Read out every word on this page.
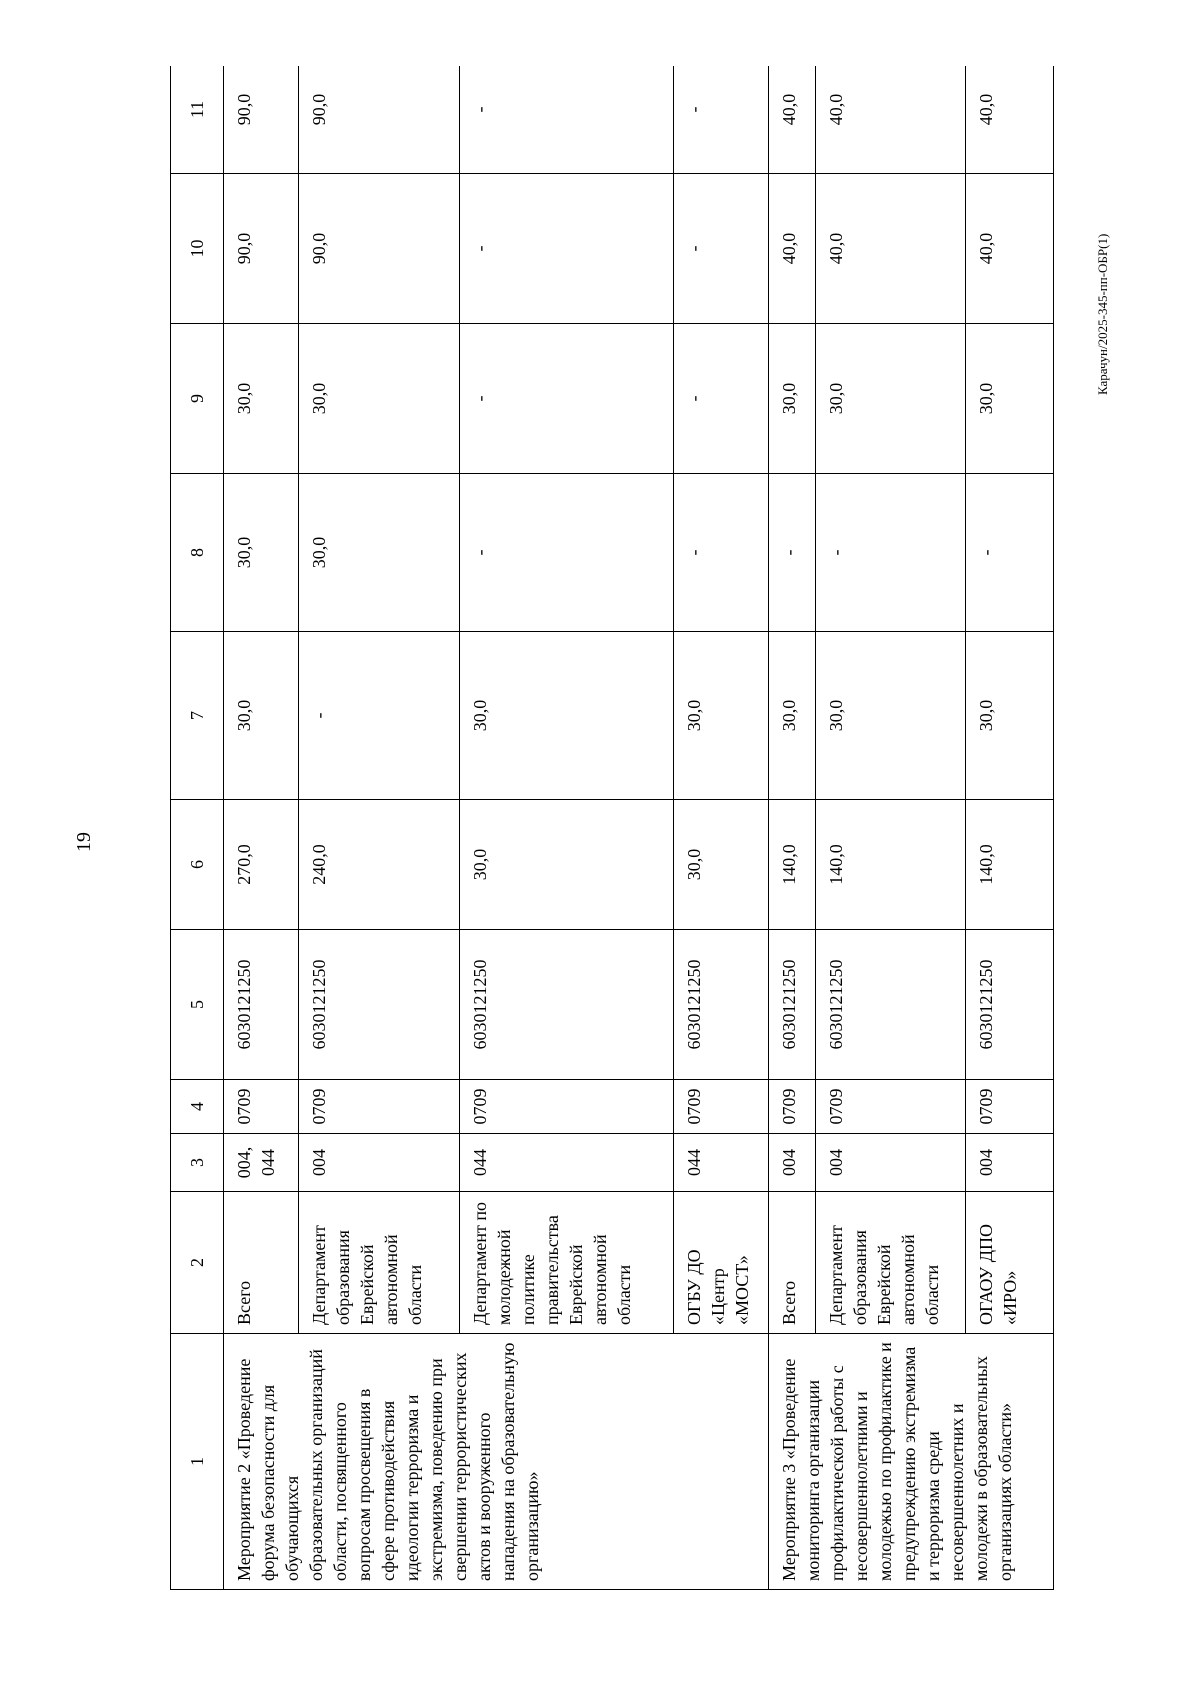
19
Карачун/2025-345-пп-ОБР(1)
1	2	3	4	5	6	7	8	9	10	11
Мероприятие 2 «Проведение форума безопасности для обучающихся образовательных организаций области, посвященного вопросам просвещения в сфере противодействия идеологии терроризма и экстремизма, поведению при свершении террористических актов и вооруженного нападения на образовательную организацию»	Всего	004, 044	0709	6030121250	270,0	30,0	30,0	30,0	90,0	90,0
	Департамент образования Еврейской автономной области	004	0709	6030121250	240,0	-	30,0	30,0	90,0	90,0
	Департамент по молодежной политике правительства Еврейской автономной области	044	0709	6030121250	30,0	30,0	-	-	-	-
	ОГБУ ДО «Центр «МОСТ»	044	0709	6030121250	30,0	30,0	-	-	-	-
Мероприятие 3 «Проведение мониторинга организации профилактической работы с несовершеннолетними и молодежью по профилактике и предупреждению экстремизма и терроризма среди несовершеннолетних и молодежи в образовательных организациях области»	Всего	004	0709	6030121250	140,0	30,0	-	30,0	40,0	40,0
	Департамент образования Еврейской автономной области	004	0709	6030121250	140,0	30,0	-	30,0	40,0	40,0
	ОГАОУ ДПО «ИРО»	004	0709	6030121250	140,0	30,0	-	30,0	40,0	40,0
